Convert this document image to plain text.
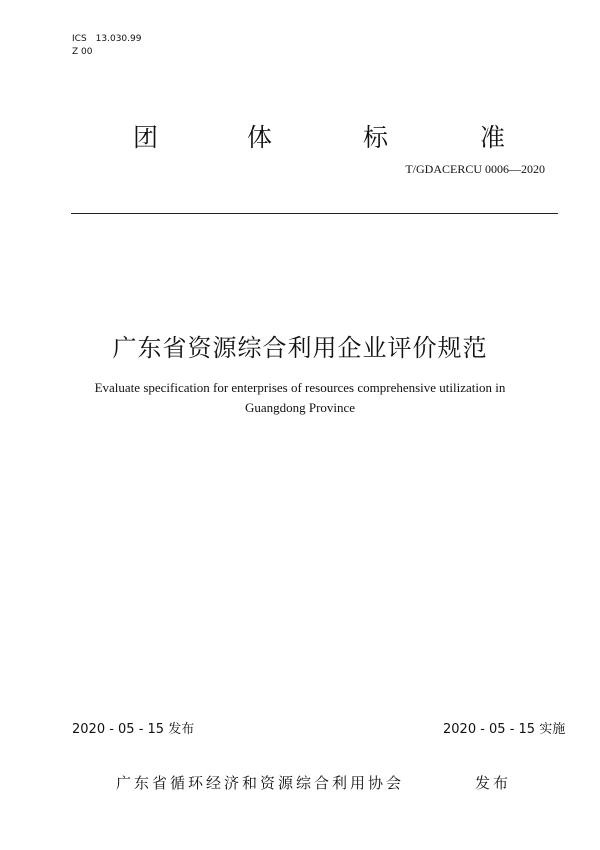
ICS　13.030.99
Z 00
团	体	标	准
T/GDACERCU 0006—2020
广东省资源综合利用企业评价规范
Evaluate specification for enterprises of resources comprehensive utilization in
Guangdong Province
2020 - 05 - 15 发布	2020 - 05 - 15 实施
广东省循环经济和资源综合利用协会	发布
